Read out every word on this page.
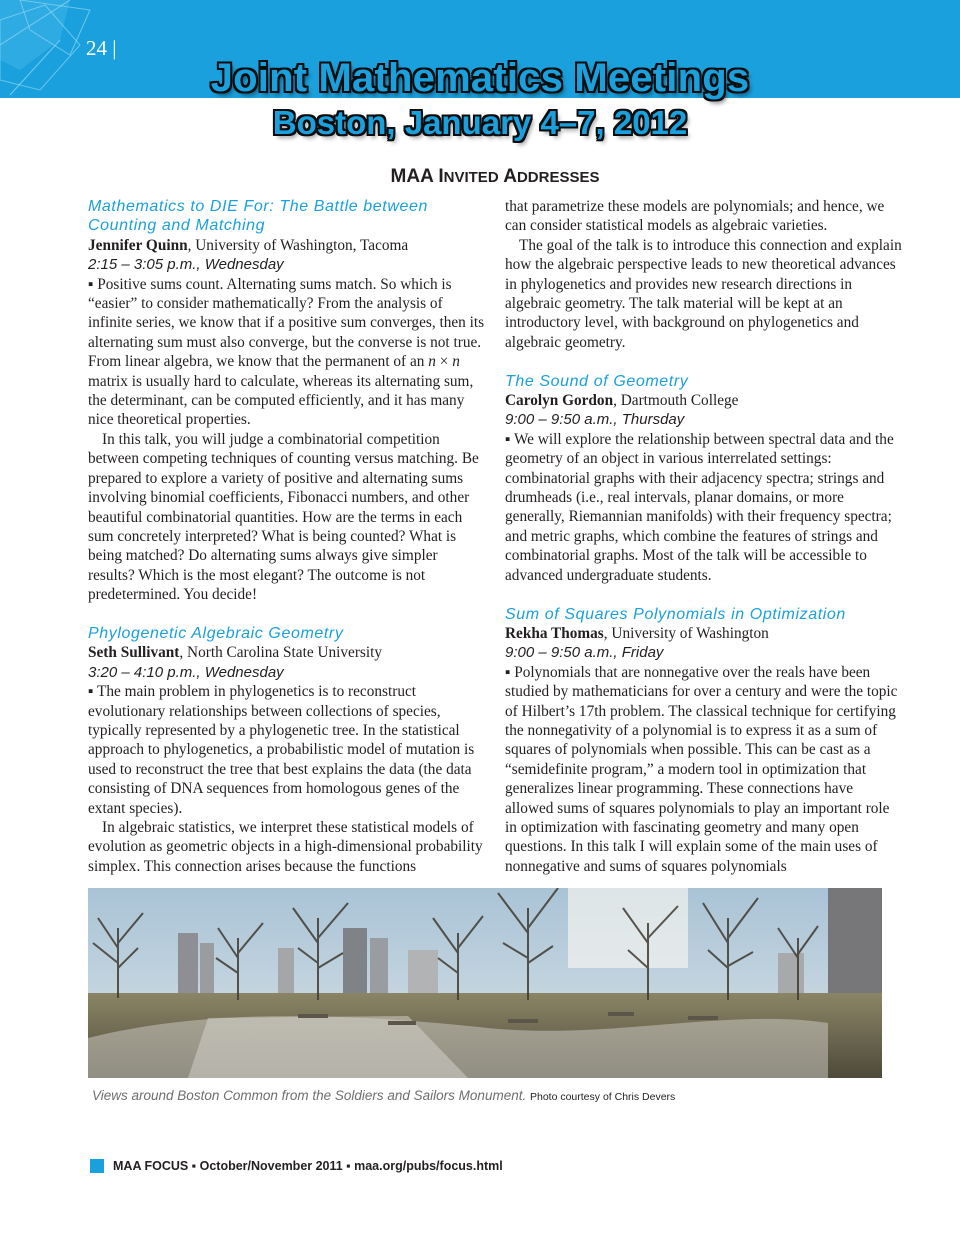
24 |
Joint Mathematics Meetings
Boston, January 4–7, 2012
MAA INVITED ADDRESSES
Mathematics to DIE For: The Battle between Counting and Matching
Jennifer Quinn, University of Washington, Tacoma
2:15 – 3:05 p.m., Wednesday
▪ Positive sums count. Alternating sums match. So which is “easier” to consider mathematically? From the analysis of infinite series, we know that if a positive sum converges, then its alternating sum must also converge, but the converse is not true. From linear algebra, we know that the permanent of an n × n matrix is usually hard to calculate, whereas its alternating sum, the determinant, can be computed efficiently, and it has many nice theoretical properties.
In this talk, you will judge a combinatorial competition between competing techniques of counting versus matching. Be prepared to explore a variety of positive and alternating sums involving binomial coefficients, Fibonacci numbers, and other beautiful combinatorial quantities. How are the terms in each sum concretely interpreted? What is being counted? What is being matched? Do alternating sums always give simpler results? Which is the most elegant? The outcome is not predetermined. You decide!
Phylogenetic Algebraic Geometry
Seth Sullivant, North Carolina State University
3:20 – 4:10 p.m., Wednesday
▪ The main problem in phylogenetics is to reconstruct evolutionary relationships between collections of species, typically represented by a phylogenetic tree. In the statistical approach to phylogenetics, a probabilistic model of mutation is used to reconstruct the tree that best explains the data (the data consisting of DNA sequences from homologous genes of the extant species).
In algebraic statistics, we interpret these statistical models of evolution as geometric objects in a high-dimensional probability simplex. This connection arises because the functions
that parametrize these models are polynomials; and hence, we can consider statistical models as algebraic varieties.
The goal of the talk is to introduce this connection and explain how the algebraic perspective leads to new theoretical advances in phylogenetics and provides new research directions in algebraic geometry. The talk material will be kept at an introductory level, with background on phylogenetics and algebraic geometry.
The Sound of Geometry
Carolyn Gordon, Dartmouth College
9:00 – 9:50 a.m., Thursday
▪ We will explore the relationship between spectral data and the geometry of an object in various interrelated settings: combinatorial graphs with their adjacency spectra; strings and drumheads (i.e., real intervals, planar domains, or more generally, Riemannian manifolds) with their frequency spectra; and metric graphs, which combine the features of strings and combinatorial graphs. Most of the talk will be accessible to advanced undergraduate students.
Sum of Squares Polynomials in Optimization
Rekha Thomas, University of Washington
9:00 – 9:50 a.m., Friday
▪ Polynomials that are nonnegative over the reals have been studied by mathematicians for over a century and were the topic of Hilbert’s 17th problem. The classical technique for certifying the nonnegativity of a polynomial is to express it as a sum of squares of polynomials when possible. This can be cast as a “semidefinite program,” a modern tool in optimization that generalizes linear programming. These connections have allowed sums of squares polynomials to play an important role in optimization with fascinating geometry and many open questions. In this talk I will explain some of the main uses of nonnegative and sums of squares polynomials
Views around Boston Common from the Soldiers and Sailors Monument. Photo courtesy of Chris Devers
MAA FOCUS ▪ October/November 2011 ▪ maa.org/pubs/focus.html
